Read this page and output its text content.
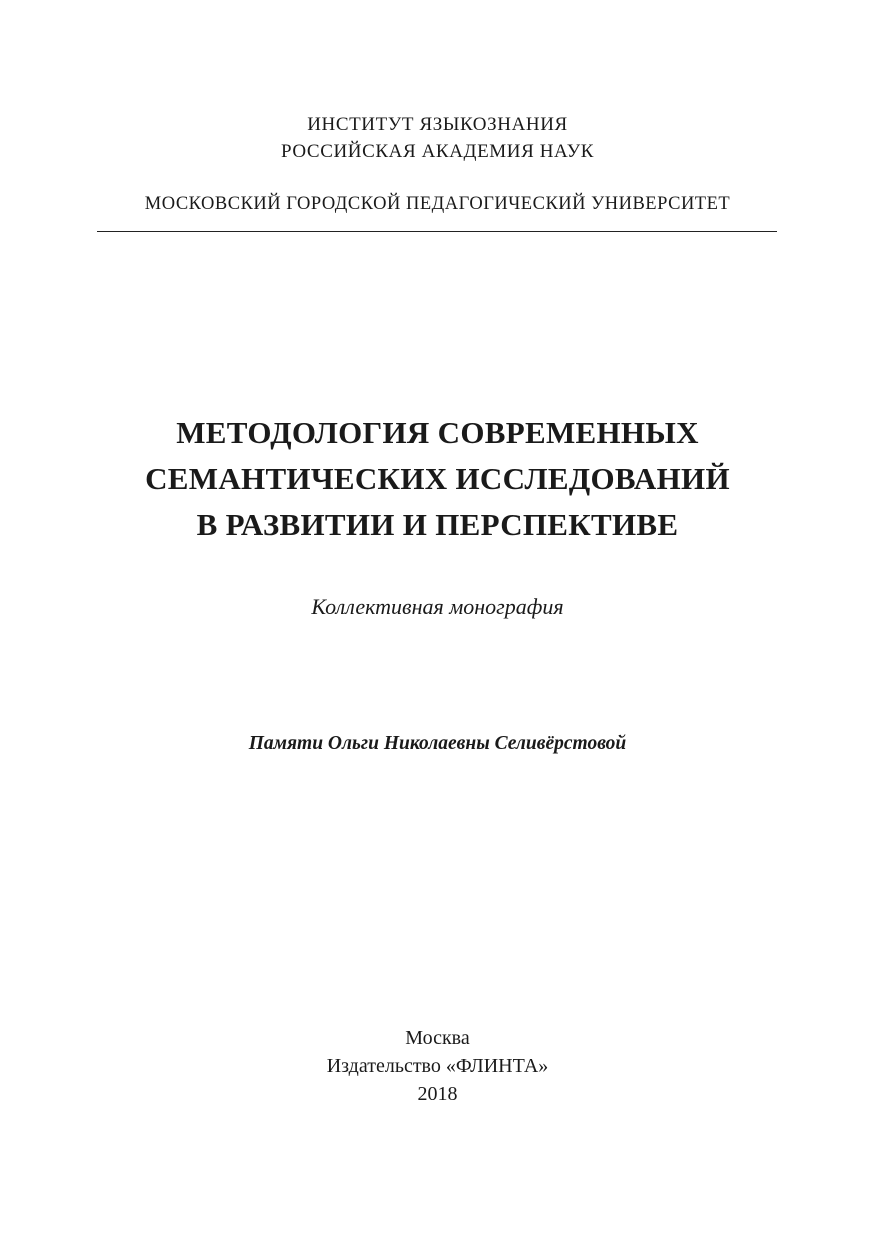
ИНСТИТУТ ЯЗЫКОЗНАНИЯ
РОССИЙСКАЯ АКАДЕМИЯ НАУК
МОСКОВСКИЙ ГОРОДСКОЙ ПЕДАГОГИЧЕСКИЙ УНИВЕРСИТЕТ
МЕТОДОЛОГИЯ СОВРЕМЕННЫХ
СЕМАНТИЧЕСКИХ ИССЛЕДОВАНИЙ
В РАЗВИТИИ И ПЕРСПЕКТИВЕ
Коллективная монография
Памяти Ольги Николаевны Селивёрстовой
Москва
Издательство «ФЛИНТА»
2018
